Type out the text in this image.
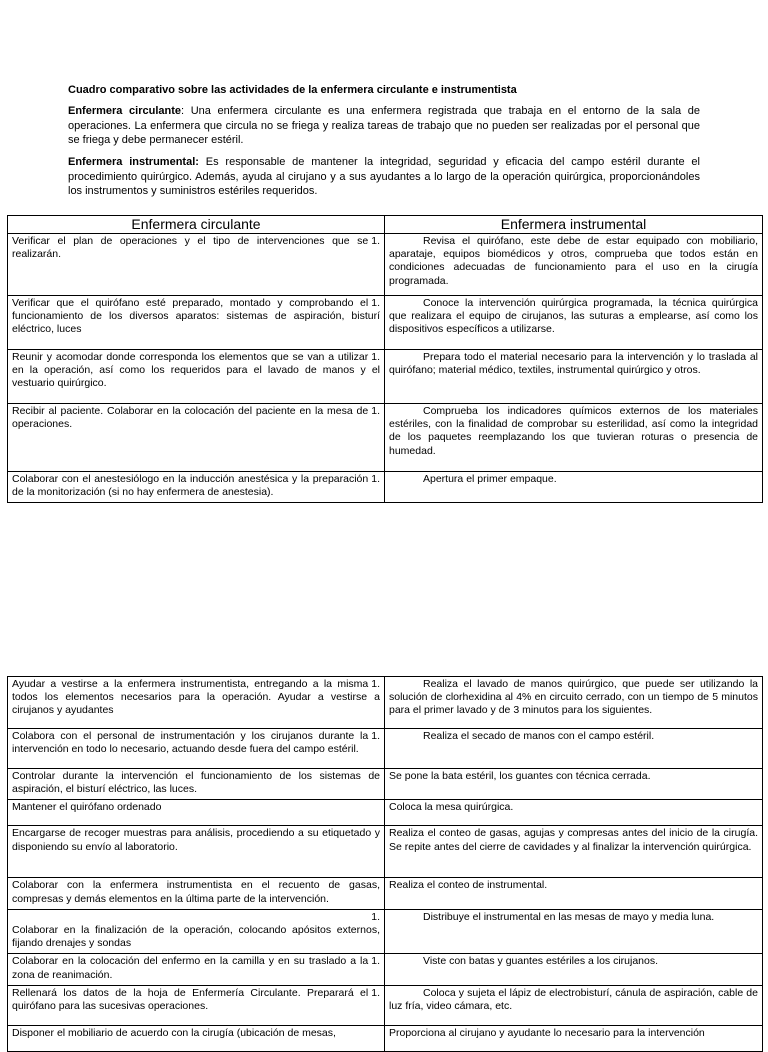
Cuadro comparativo sobre las actividades de la enfermera circulante e instrumentista
Enfermera circulante: Una enfermera circulante es una enfermera registrada que trabaja en el entorno de la sala de operaciones. La enfermera que circula no se friega y realiza tareas de trabajo que no pueden ser realizadas por el personal que se friega y debe permanecer estéril.
Enfermera instrumental: Es responsable de mantener la integridad, seguridad y eficacia del campo estéril durante el procedimiento quirúrgico. Además, ayuda al cirujano y a sus ayudantes a lo largo de la operación quirúrgica, proporcionándoles los instrumentos y suministros estériles requeridos.
Enfermera circulante	Enfermera instrumental

1.
Verificar el plan de operaciones y el tipo de intervenciones que se realizarán.	Revisa el quirófano, este debe de estar equipado con mobiliario, aparataje, equipos biomédicos y otros, comprueba que todos están en condiciones adecuadas de funcionamiento para el uso en la cirugía programada.

1.
Verificar que el quirófano esté preparado, montado y comprobando el funcionamiento de los diversos aparatos: sistemas de aspiración, bisturí eléctrico, luces	Conoce la intervención quirúrgica programada, la técnica quirúrgica que realizara el equipo de cirujanos, las suturas a emplearse, así como los dispositivos específicos a utilizarse.

1.
Reunir y acomodar donde corresponda los elementos que se van a utilizar en la operación, así como los requeridos para el lavado de manos y el vestuario quirúrgico.	Prepara todo el material necesario para la intervención y lo traslada al quirófano; material médico, textiles, instrumental quirúrgico y otros.

1.
Recibir al paciente. Colaborar en la colocación del paciente en la mesa de operaciones.	Comprueba los indicadores químicos externos de los materiales estériles, con la finalidad de comprobar su esterilidad, así como la integridad de los paquetes reemplazando los que tuvieran roturas o presencia de humedad.

1.
Colaborar con el anestesiólogo en la inducción anestésica y la preparación de la monitorización (si no hay enfermera de anestesia).	Apertura el primer empaque.
1.
Ayudar a vestirse a la enfermera instrumentista, entregando a la misma todos los elementos necesarios para la operación. Ayudar a vestirse a cirujanos y ayudantes	Realiza el lavado de manos quirúrgico, que puede ser utilizando la solución de clorhexidina al 4% en circuito cerrado, con un tiempo de 5 minutos para el primer lavado y de 3 minutos para los siguientes.

1.
Colabora con el personal de instrumentación y los cirujanos durante la intervención en todo lo necesario, actuando desde fuera del campo estéril.	Realiza el secado de manos con el campo estéril.
Controlar durante la intervención el funcionamiento de los sistemas de aspiración, el bisturí eléctrico, las luces.	Se pone la bata estéril, los guantes con técnica cerrada.
Mantener el quirófano ordenado	Coloca la mesa quirúrgica.
Encargarse de recoger muestras para análisis, procediendo a su etiquetado y disponiendo su envío al laboratorio.	Realiza el conteo de gasas, agujas y compresas antes del inicio de la cirugía. Se repite antes del cierre de cavidades y al finalizar la intervención quirúrgica.
Colaborar con la enfermera instrumentista en el recuento de gasas, compresas y demás elementos en la última parte de la intervención.	Realiza el conteo de instrumental.

1.
Colaborar en la finalización de la operación, colocando apósitos externos, fijando drenajes y sondas	Distribuye el instrumental en las mesas de mayo y media luna.

1.
Colaborar en la colocación del enfermo en la camilla y en su traslado a la zona de reanimación.	Viste con batas y guantes estériles a los cirujanos.

1.
Rellenará los datos de la hoja de Enfermería Circulante. Preparará el quirófano para las sucesivas operaciones.	Coloca y sujeta el lápiz de electrobisturí, cánula de aspiración, cable de luz fría, video cámara, etc.
Disponer el mobiliario de acuerdo con la cirugía (ubicación de mesas,	Proporciona al cirujano y ayudante lo necesario para la intervención
